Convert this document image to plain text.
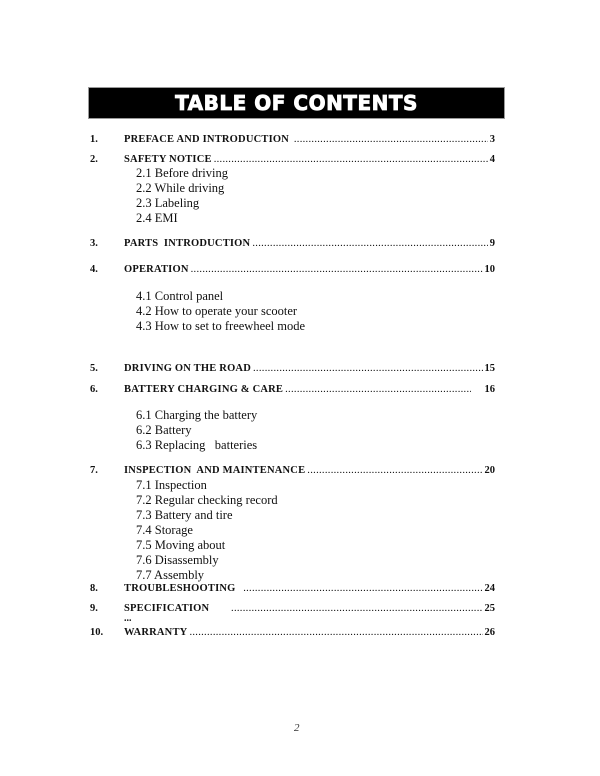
TABLE OF CONTENTS
1.	PREFACE AND INTRODUCTION .....	3
2.	SAFETY NOTICE .....	4
2.1 Before driving
2.2 While driving
2.3 Labeling
2.4 EMI
3.	PARTS  INTRODUCTION .....	9
4.	OPERATION .....	10
4.1 Control panel
4.2 How to operate your scooter
4.3 How to set to freewheel mode
5.	DRIVING ON THE ROAD .....	15
6.	BATTERY CHARGING & CARE .....	16
6.1 Charging the battery
6.2 Battery
6.3 Replacing   batteries
7.	INSPECTION  AND MAINTENANCE .....	20
7.1 Inspection
7.2 Regular checking record
7.3 Battery and tire
7.4 Storage
7.5 Moving about
7.6 Disassembly
7.7 Assembly
8.	TROUBLESHOOTING .....	24
9.	SPECIFICATION .....	25
...
10.	WARRANTY .....	26
2
